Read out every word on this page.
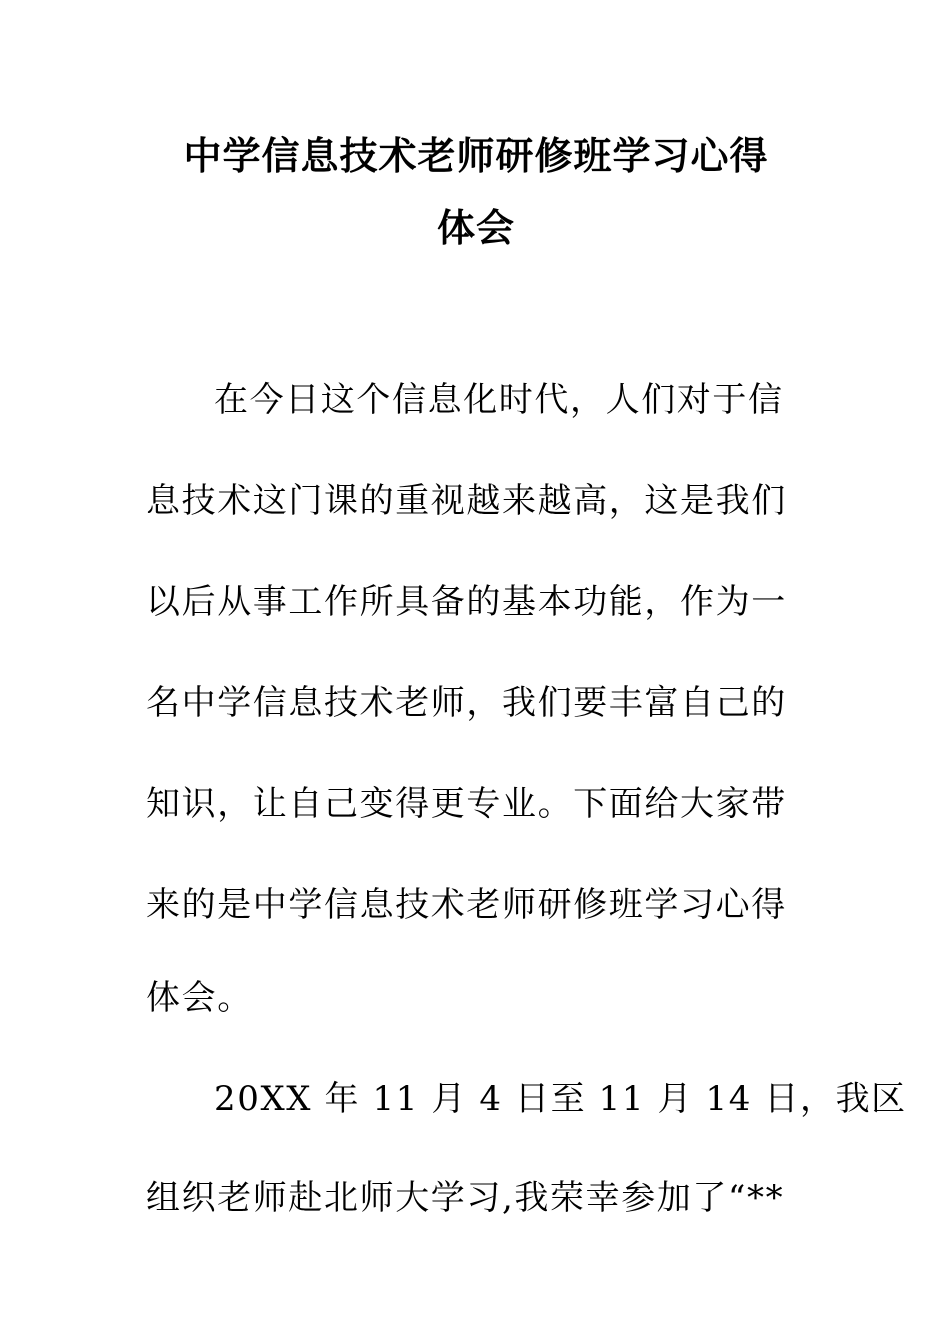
中学信息技术老师研修班学习心得
体会
在今日这个信息化时代，人们对于信
息技术这门课的重视越来越高，这是我们
以后从事工作所具备的基本功能，作为一
名中学信息技术老师，我们要丰富自己的
知识，让自己变得更专业。下面给大家带
来的是中学信息技术老师研修班学习心得
体会。
20XX 年 11 月 4 日至 11 月 14 日，我区
组织老师赴北师大学习,我荣幸参加了“**
